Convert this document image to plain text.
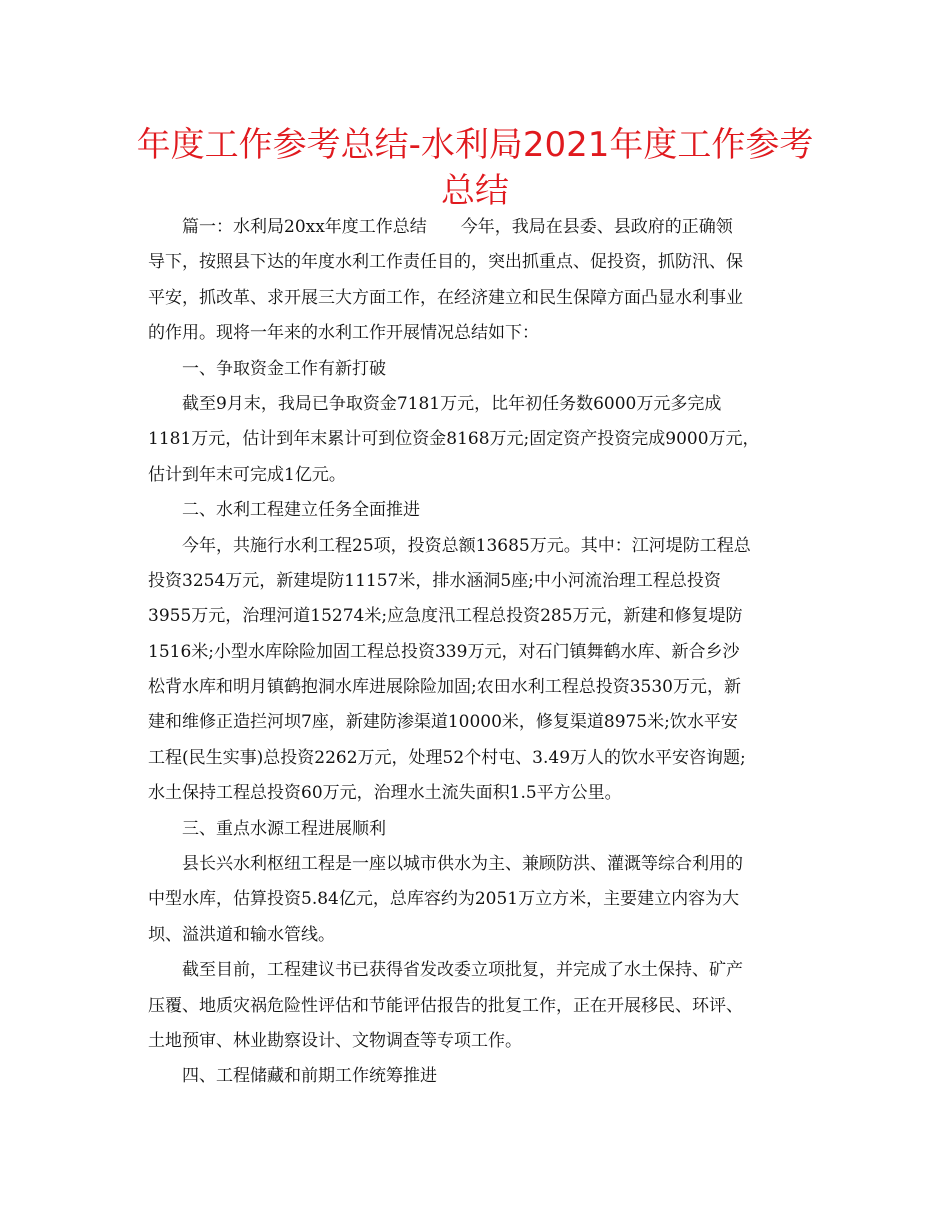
年度工作参考总结-水利局2021年度工作参考
总结
篇一：水利局20xx年度工作总结　　今年，我局在县委、县政府的正确领
导下，按照县下达的年度水利工作责任目的，突出抓重点、促投资，抓防汛、保
平安，抓改革、求开展三大方面工作，在经济建立和民生保障方面凸显水利事业
的作用。现将一年来的水利工作开展情况总结如下：
一、争取资金工作有新打破
截至9月末，我局已争取资金7181万元，比年初任务数6000万元多完成
1181万元，估计到年末累计可到位资金8168万元;固定资产投资完成9000万元，
估计到年末可完成1亿元。
二、水利工程建立任务全面推进
今年，共施行水利工程25项，投资总额13685万元。其中：江河堤防工程总
投资3254万元，新建堤防11157米，排水涵洞5座;中小河流治理工程总投资
3955万元，治理河道15274米;应急度汛工程总投资285万元，新建和修复堤防
1516米;小型水库除险加固工程总投资339万元，对石门镇舞鹤水库、新合乡沙
松背水库和明月镇鹤抱洞水库进展除险加固;农田水利工程总投资3530万元，新
建和维修正造拦河坝7座，新建防渗渠道10000米，修复渠道8975米;饮水平安
工程(民生实事)总投资2262万元，处理52个村屯、3.49万人的饮水平安咨询题;
水土保持工程总投资60万元，治理水土流失面积1.5平方公里。
三、重点水源工程进展顺利
县长兴水利枢纽工程是一座以城市供水为主、兼顾防洪、灌溉等综合利用的
中型水库，估算投资5.84亿元，总库容约为2051万立方米，主要建立内容为大
坝、溢洪道和输水管线。
截至目前，工程建议书已获得省发改委立项批复，并完成了水土保持、矿产
压覆、地质灾祸危险性评估和节能评估报告的批复工作，正在开展移民、环评、
土地预审、林业勘察设计、文物调查等专项工作。
四、工程储藏和前期工作统筹推进
